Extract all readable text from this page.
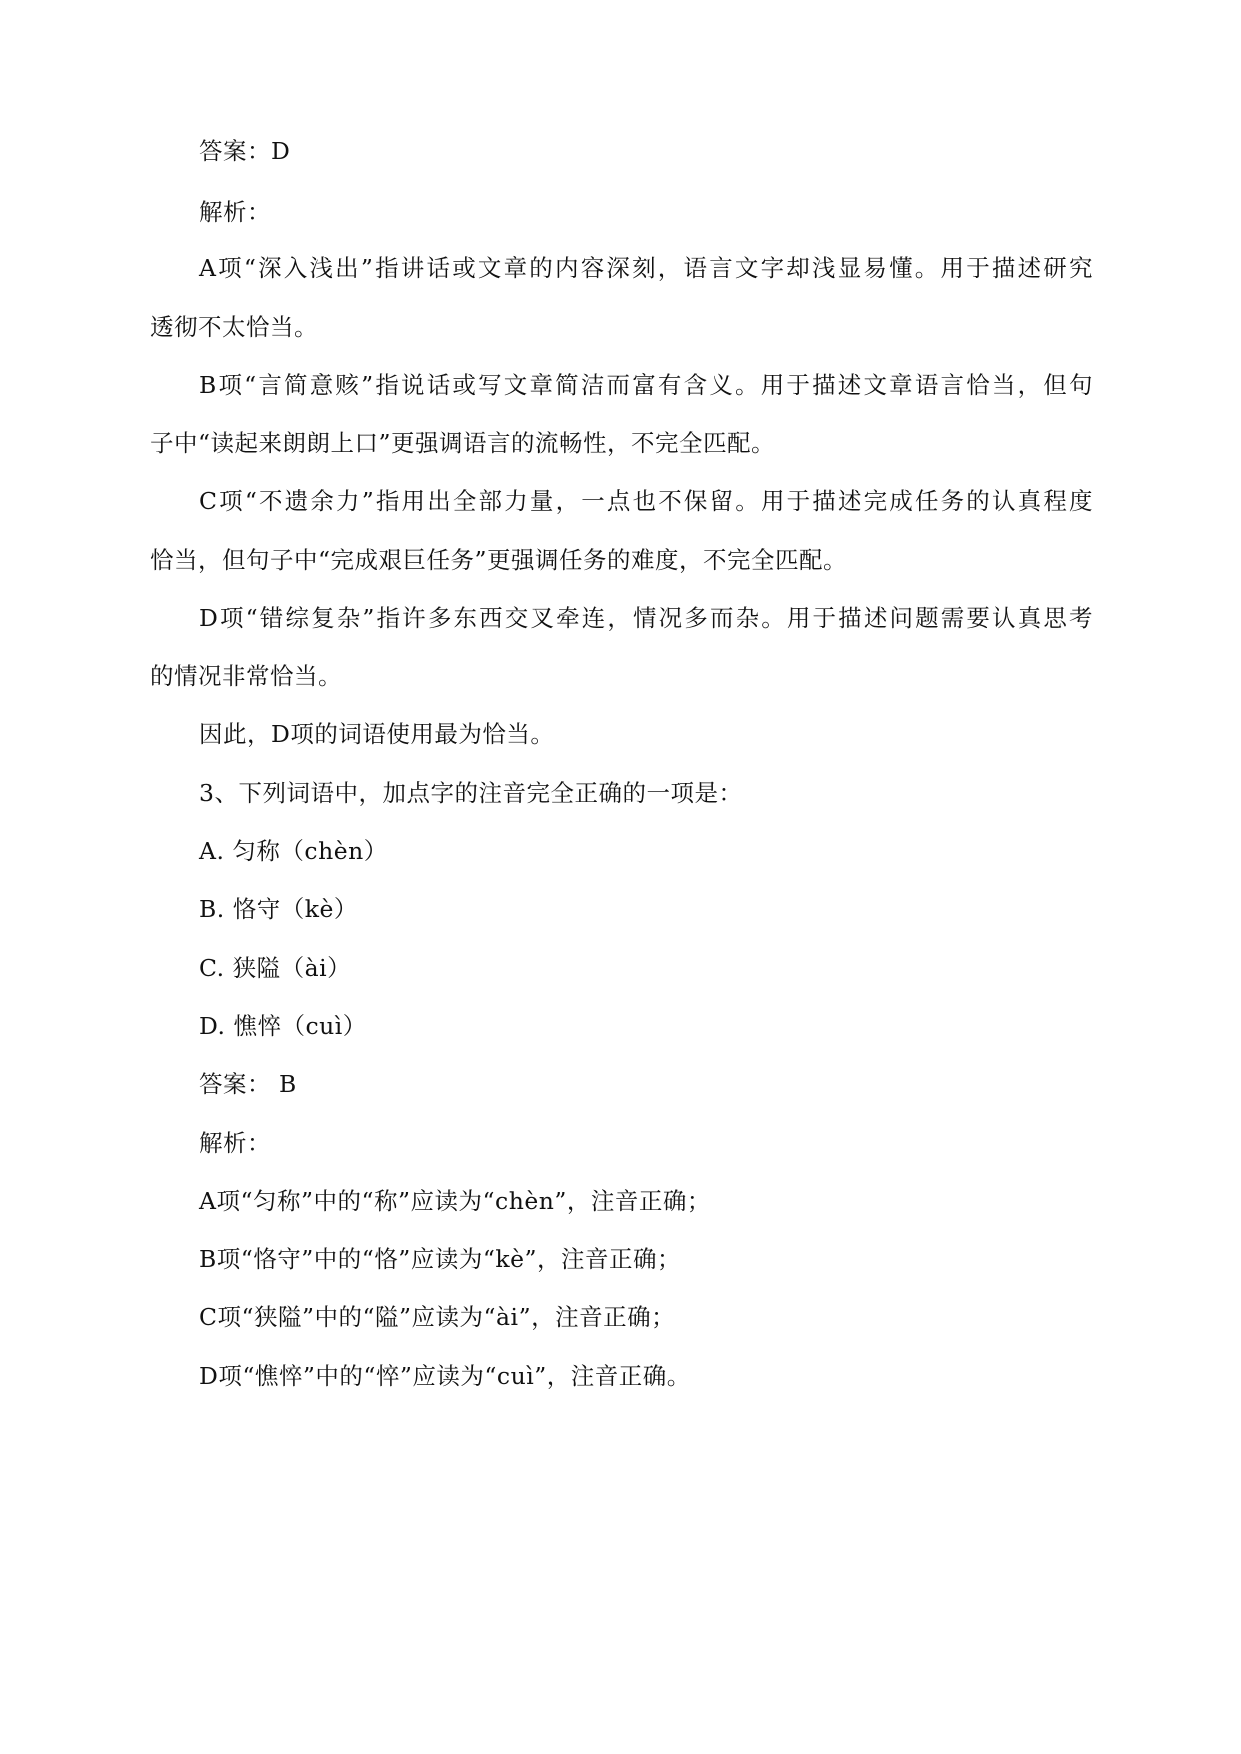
答案：D
解析：
A项“深入浅出”指讲话或文章的内容深刻，语言文字却浅显易懂。用于描述研究
透彻不太恰当。
B项“言简意赅”指说话或写文章简洁而富有含义。用于描述文章语言恰当，但句
子中“读起来朗朗上口”更强调语言的流畅性，不完全匹配。
C项“不遗余力”指用出全部力量，一点也不保留。用于描述完成任务的认真程度
恰当，但句子中“完成艰巨任务”更强调任务的难度，不完全匹配。
D项“错综复杂”指许多东西交叉牵连，情况多而杂。用于描述问题需要认真思考
的情况非常恰当。
因此，D项的词语使用最为恰当。
3、下列词语中，加点字的注音完全正确的一项是：
A. 匀称（chèn）
B. 恪守（kè）
C. 狭隘（ài）
D. 憔悴（cuì）
答案： B
解析：
A项“匀称”中的“称”应读为“chèn”，注音正确；
B项“恪守”中的“恪”应读为“kè”，注音正确；
C项“狭隘”中的“隘”应读为“ài”，注音正确；
D项“憔悴”中的“悴”应读为“cuì”，注音正确。
